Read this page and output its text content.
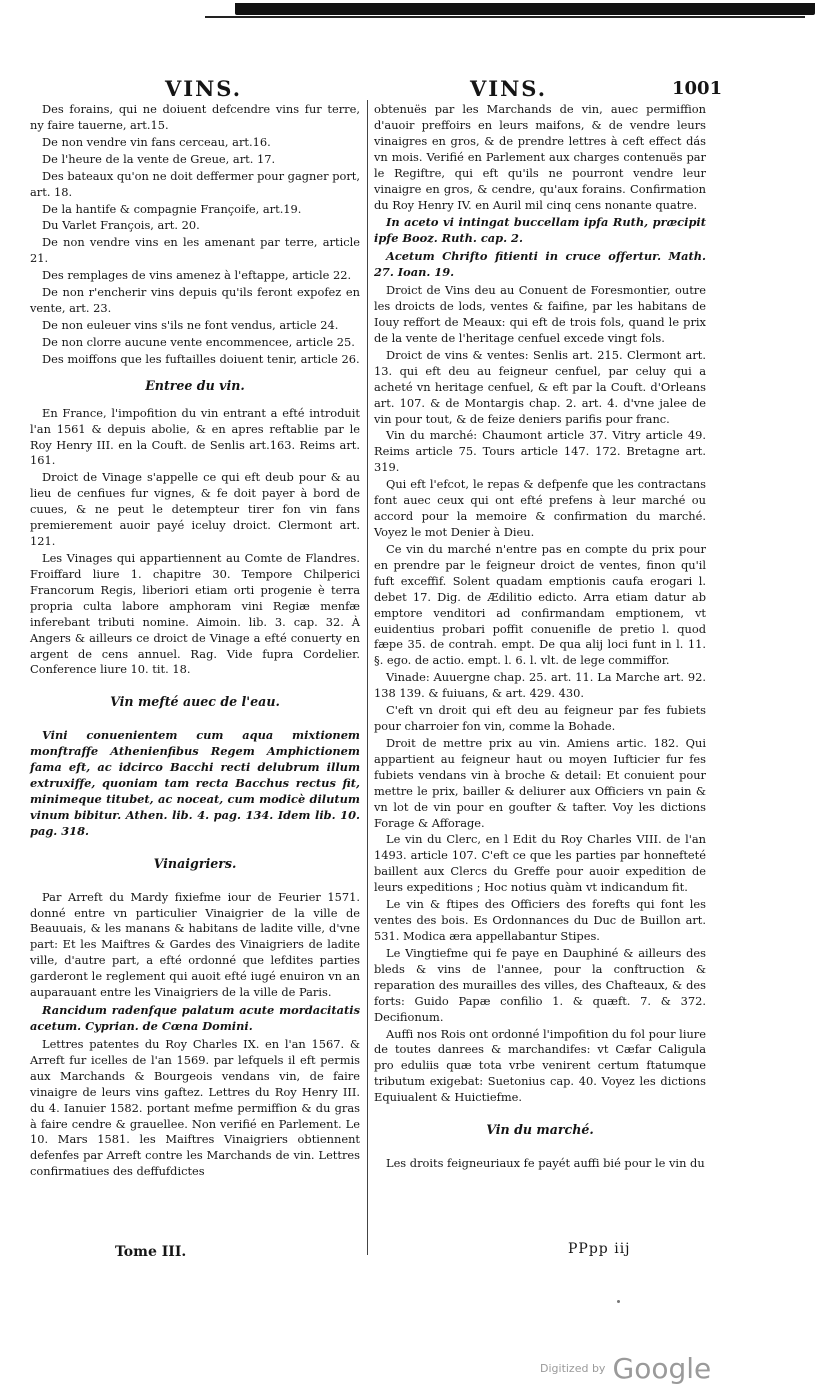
VINS.	VINS.	1001

Des forains, qui ne doiuent defcendre vins fur terre, ny faire tauerne, art.15.

De non vendre vin fans cerceau, art.16.

De l'heure de la vente de Greue, art. 17.

Des bateaux qu'on ne doit deffermer pour gagner port, art. 18.

De la hantife & compagnie Françoife, art.19.

Du Varlet François, art. 20.

De non vendre vins en les amenant par terre, article 21.

Des remplages de vins amenez à l'eftappe, article 22.

De non r'encherir vins depuis qu'ils feront expofez en vente, art. 23.

De non euleuer vins s'ils ne font vendus, article 24.

De non clorre aucune vente encommencee, article 25.

Des moiffons que les fuftailles doiuent tenir, article 26.

Entree du vin.

En France, l'impofition du vin entrant a efté introduit l'an 1561 & depuis abolie, & en apres reftablie par le Roy Henry III. en la Couft. de Senlis art.163. Reims art. 161.

Droict de Vinage s'appelle ce qui eft deub pour & au lieu de cenfiues fur vignes, & fe doit payer à bord de cuues, & ne peut le detempteur tirer fon vin fans premierement auoir payé iceluy droict. Clermont art. 121.

Les Vinages qui appartiennent au Comte de Flandres. Froiffard liure 1. chapitre 30. Tempore Chilperici Francorum Regis, liberiori etiam orti progenie è terra propria culta labore amphoram vini Regiæ menfæ inferebant tributi nomine. Aimoin. lib. 3. cap. 32. À Angers & ailleurs ce droict de Vinage a efté conuerty en argent de cens annuel. Rag. Vide fupra Cordelier. Conference liure 10. tit. 18.

Vin mefté auec de l'eau.

Vini conuenientem cum aqua mixtionem monftraffe Athenienfibus Regem Amphictionem fama eft, ac idcirco Bacchi recti delubrum illum extruxiffe, quoniam tam recta Bacchus rectus fit, minimeque titubet, ac noceat, cum modicè dilutum vinum bibitur. Athen. lib. 4. pag. 134. Idem lib. 10. pag. 318.

Vinaigriers.

Par Arreft du Mardy fixiefme iour de Feurier 1571. donné entre vn particulier Vinaigrier de la ville de Beauuais, & les manans & habitans de ladite ville, d'vne part: Et les Maiftres & Gardes des Vinaigriers de ladite ville, d'autre part, a efté ordonné que lefdites parties garderont le reglement qui auoit efté iugé enuiron vn an auparauant entre les Vinaigriers de la ville de Paris.

Rancidum radenfque palatum acute mordacitatis acetum. Cyprian. de Cœna Domini.

Lettres patentes du Roy Charles IX. en l'an 1567. & Arreft fur icelles de l'an 1569. par lefquels il eft permis aux Marchands & Bourgeois vendans vin, de faire vinaigre de leurs vins gaftez. Lettres du Roy Henry III. du 4. Ianuier 1582. portant mefme permiffion & du gras à faire cendre & grauellee. Non verifié en Parlement. Le 10. Mars 1581. les Maiftres Vinaigriers obtiennent defenfes par Arreft contre les Marchands de vin. Lettres confirmatiues des deffufdictes

obtenuës par les Marchands de vin, auec permiffion d'auoir preffoirs en leurs maifons, & de vendre leurs vinaigres en gros, & de prendre lettres à ceft effect dás vn mois. Verifié en Parlement aux charges contenuës par le Regiftre, qui eft qu'ils ne pourront vendre leur vinaigre en gros, & cendre, qu'aux forains. Confirmation du Roy Henry IV. en Auril mil cinq cens nonante quatre.

In aceto vi intingat buccellam ipfa Ruth, præcipit ipfe Booz. Ruth. cap. 2.

Acetum Chrifto fitienti in cruce offertur. Math. 27. Ioan. 19.

Droict de Vins deu au Conuent de Foresmontier, outre les droicts de lods, ventes & faifine, par les habitans de Iouy reffort de Meaux: qui eft de trois fols, quand le prix de la vente de l'heritage cenfuel excede vingt fols.

Droict de vins & ventes: Senlis art. 215. Clermont art. 13. qui eft deu au feigneur cenfuel, par celuy qui a acheté vn heritage cenfuel, & eft par la Couft. d'Orleans art. 107. & de Montargis chap. 2. art. 4. d'vne jalee de vin pour tout, & de feize deniers parifis pour franc.

Vin du marché: Chaumont article 37. Vitry article 49. Reims article 75. Tours article 147. 172. Bretagne art. 319.

Qui eft l'efcot, le repas & defpenfe que les contractans font auec ceux qui ont efté prefens à leur marché ou accord pour la memoire & confirmation du marché. Voyez le mot Denier à Dieu.

Ce vin du marché n'entre pas en compte du prix pour en prendre par le feigneur droict de ventes, finon qu'il fuft exceffif. Solent quadam emptionis caufa erogari l. debet 17. Dig. de Ædilitio edicto. Arra etiam datur ab emptore venditori ad confirmandam emptionem, vt euidentius probari poffit conuenifle de pretio l. quod fæpe 35. de contrah. empt. De qua alij loci funt in l. 11. §. ego. de actio. empt. l. 6. l. vlt. de lege commiffor.

Vinade: Auuergne chap. 25. art. 11. La Marche art. 92. 138 139. & fuiuans, & art. 429. 430.

C'eft vn droit qui eft deu au feigneur par fes fubiets pour charroier fon vin, comme la Bohade.

Droit de mettre prix au vin. Amiens artic. 182. Qui appartient au feigneur haut ou moyen Iufticier fur fes fubiets vendans vin à broche & detail: Et conuient pour mettre le prix, bailler & deliurer aux Officiers vn pain & vn lot de vin pour en goufter & tafter. Voy les dictions Forage & Afforage.

Le vin du Clerc, en l Edit du Roy Charles VIII. de l'an 1493. article 107. C'eft ce que les parties par honnefteté baillent aux Clercs du Greffe pour auoir expedition de leurs expeditions ; Hoc notius quàm vt indicandum fit.

Le vin & ftipes des Officiers des forefts qui font les ventes des bois. Es Ordonnances du Duc de Buillon art. 531. Modica æra appellabantur Stipes.

Le Vingtiefme qui fe paye en Dauphiné & ailleurs des bleds & vins de l'annee, pour la conftruction & reparation des murailles des villes, des Chafteaux, & des forts: Guido Papæ confilio 1. & quæft. 7. & 372. Decifionum.

Auffi nos Rois ont ordonné l'impofition du fol pour liure de toutes danrees & marchandifes: vt Cæfar Caligula pro eduliis quæ tota vrbe venirent certum ftatumque tributum exigebat: Suetonius cap. 40. Voyez les dictions Equiualent & Huictiefme.

Vin du marché.

Les droits feigneuriaux fe payét auffi bié pour le vin du

Tome III.	PPpp iij
Digitized by Google
